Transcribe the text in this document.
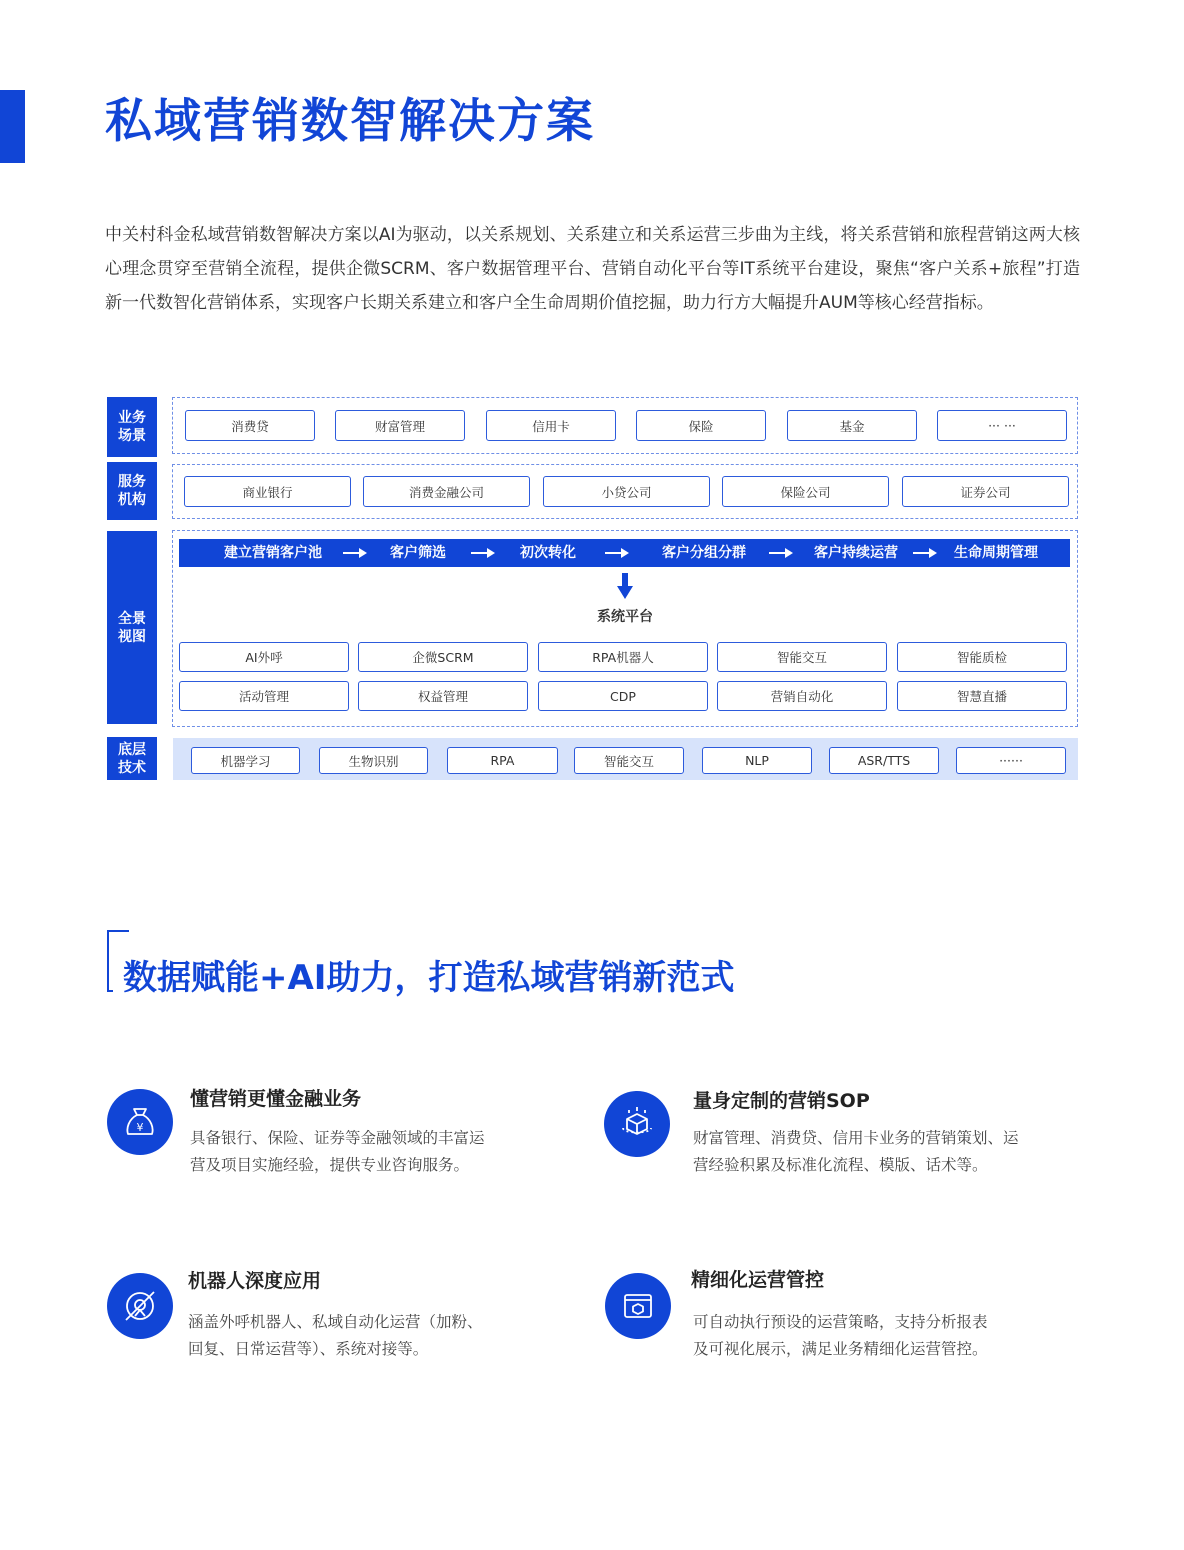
私域营销数智解决方案

中关村科金私域营销数智解决方案以AI为驱动，以关系规划、关系建立和关系运营三步曲为主线，将关系营销和旅程营销这两大核心理念贯穿至营销全流程，提供企微SCRM、客户数据管理平台、营销自动化平台等IT系统平台建设，聚焦“客户关系+旅程”打造新一代数智化营销体系，实现客户长期关系建立和客户全生命周期价值挖掘，助力行方大幅提升AUM等核心经营指标。

业务场景
消费贷	财富管理	信用卡	保险	基金	··· ···
服务机构	商业银行	消费金融公司	小贷公司	保险公司	证券公司
全景视图
建立营销客户池	客户筛选	初次转化	客户分组分群	客户持续运营	生命周期管理
系统平台
AI外呼	企微SCRM	RPA机器人	智能交互	智能质检
活动管理	权益管理	CDP	营销自动化	智慧直播
底层技术	机器学习	生物识别	RPA	智能交互	NLP	ASR/TTS	······
数据赋能+AI助力，打造私域营销新范式
¥
懂营销更懂金融业务
具备银行、保险、证券等金融领域的丰富运
营及项目实施经验，提供专业咨询服务。
量身定制的营销SOP
财富管理、消费贷、信用卡业务的营销策划、运
营经验积累及标准化流程、模版、话术等。
机器人深度应用
涵盖外呼机器人、私域自动化运营（加粉、
回复、日常运营等）、系统对接等。
精细化运营管控
可自动执行预设的运营策略，支持分析报表
及可视化展示，满足业务精细化运营管控。
